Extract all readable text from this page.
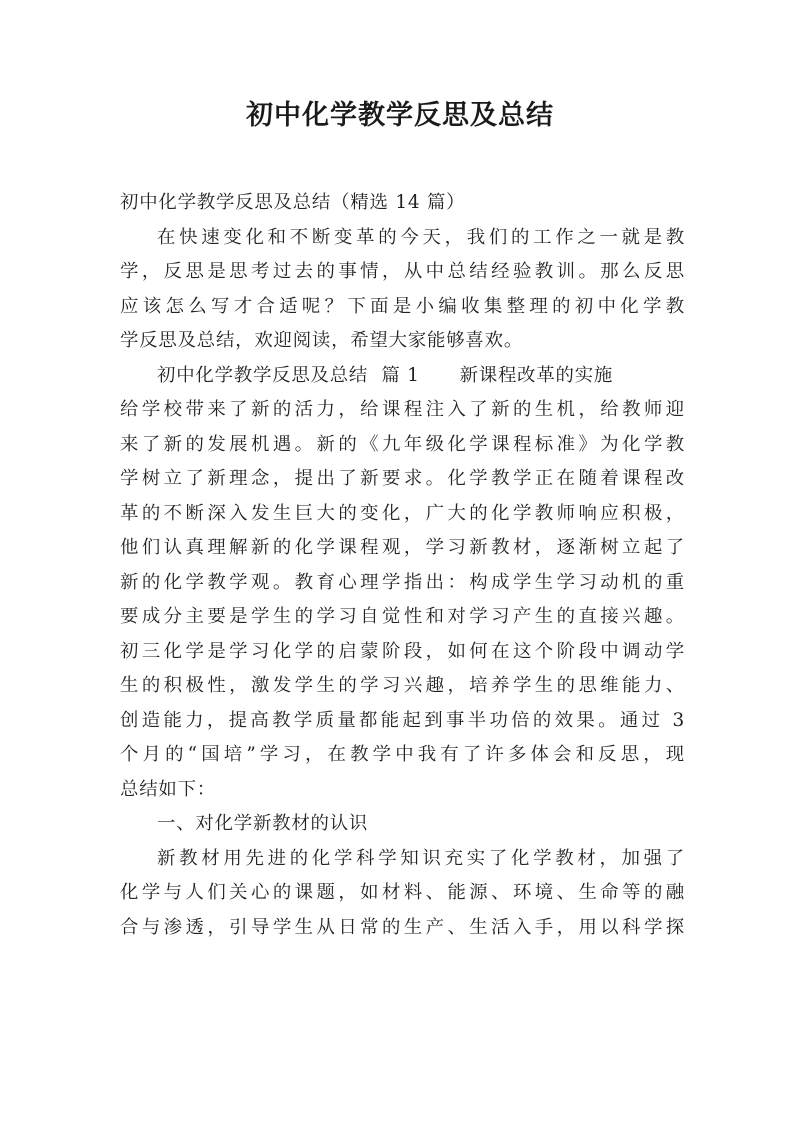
初中化学教学反思及总结
初中化学教学反思及总结（精选 14 篇）
在快速变化和不断变革的今天，我们的工作之一就是教
学，反思是思考过去的事情，从中总结经验教训。那么反思
应该怎么写才合适呢？下面是小编收集整理的初中化学教
学反思及总结，欢迎阅读，希望大家能够喜欢。
初中化学教学反思及总结  篇 1      新课程改革的实施
给学校带来了新的活力，给课程注入了新的生机，给教师迎
来了新的发展机遇。新的《九年级化学课程标准》为化学教
学树立了新理念，提出了新要求。化学教学正在随着课程改
革的不断深入发生巨大的变化，广大的化学教师响应积极，
他们认真理解新的化学课程观，学习新教材，逐渐树立起了
新的化学教学观。教育心理学指出：构成学生学习动机的重
要成分主要是学生的学习自觉性和对学习产生的直接兴趣。
初三化学是学习化学的启蒙阶段，如何在这个阶段中调动学
生的积极性，激发学生的学习兴趣，培养学生的思维能力、
创造能力，提高教学质量都能起到事半功倍的效果。通过 3
个月的“国培”学习，在教学中我有了许多体会和反思，现
总结如下：
一、对化学新教材的认识
新教材用先进的化学科学知识充实了化学教材，加强了
化学与人们关心的课题，如材料、能源、环境、生命等的融
合与渗透，引导学生从日常的生产、生活入手，用以科学探
